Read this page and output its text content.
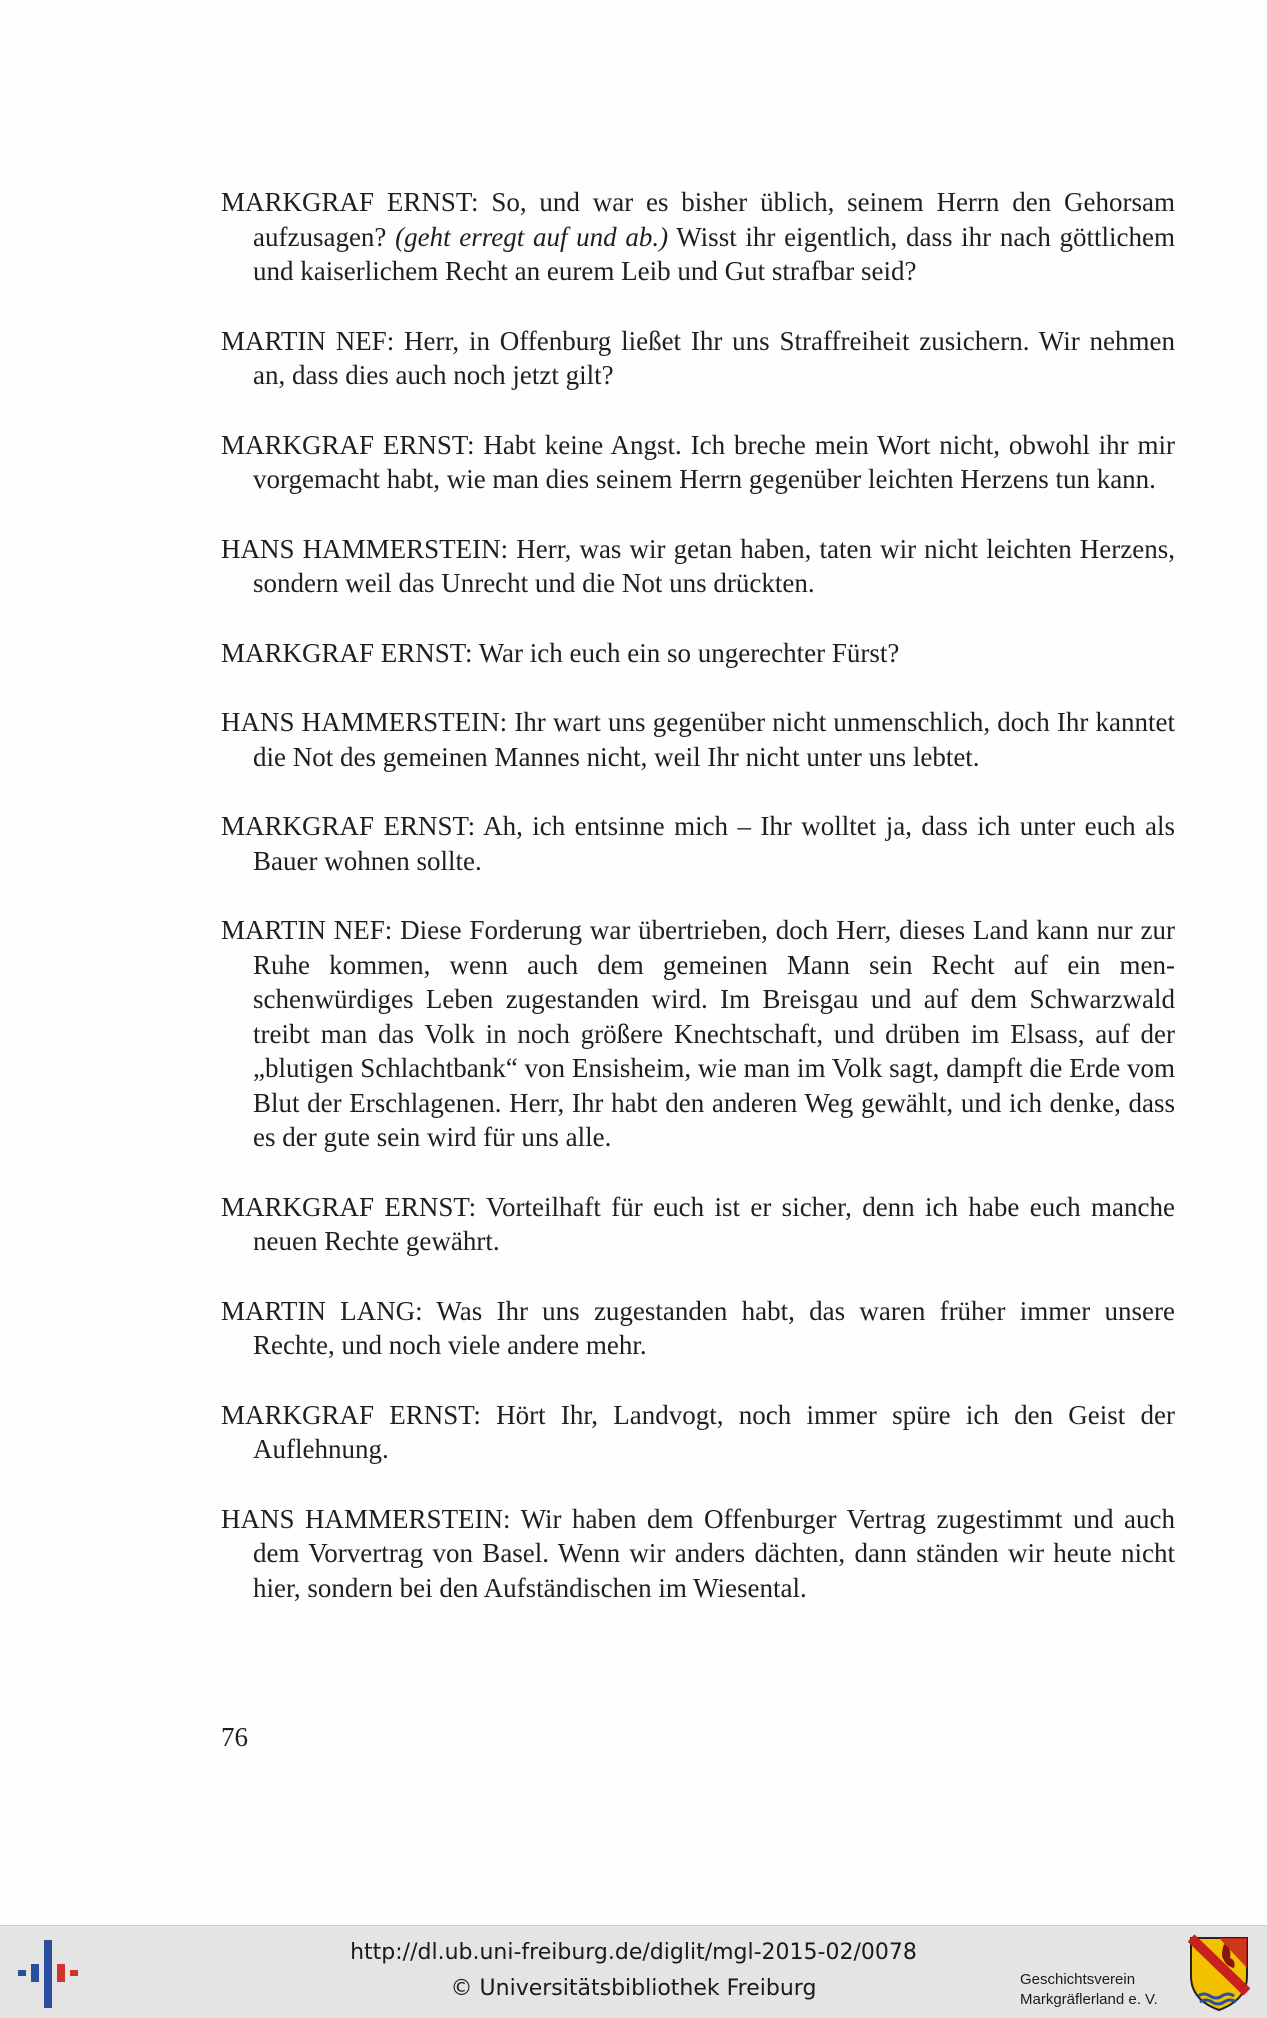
MARKGRAF ERNST: So, und war es bisher üblich, seinem Herrn den Gehorsam aufzusagen? (geht erregt auf und ab.) Wisst ihr eigentlich, dass ihr nach göttlichem und kaiserlichem Recht an eurem Leib und Gut strafbar seid?

MARTIN NEF: Herr, in Offenburg ließet Ihr uns Straffreiheit zusichern. Wir nehmen an, dass dies auch noch jetzt gilt?

MARKGRAF ERNST: Habt keine Angst. Ich breche mein Wort nicht, obwohl ihr mir vorgemacht habt, wie man dies seinem Herrn gegenüber leichten Herzens tun kann.

HANS HAMMERSTEIN: Herr, was wir getan haben, taten wir nicht leichten Herzens, sondern weil das Unrecht und die Not uns drückten.

MARKGRAF ERNST: War ich euch ein so ungerechter Fürst?

HANS HAMMERSTEIN: Ihr wart uns gegenüber nicht unmenschlich, doch Ihr kanntet die Not des gemeinen Mannes nicht, weil Ihr nicht unter uns lebtet.

MARKGRAF ERNST: Ah, ich entsinne mich – Ihr wolltet ja, dass ich unter euch als Bauer wohnen sollte.

MARTIN NEF: Diese Forderung war übertrieben, doch Herr, dieses Land kann nur zur Ruhe kommen, wenn auch dem gemeinen Mann sein Recht auf ein menschenwürdiges Leben zugestanden wird. Im Breisgau und auf dem Schwarzwald treibt man das Volk in noch größere Knechtschaft, und drüben im Elsass, auf der „blutigen Schlachtbank“ von Ensisheim, wie man im Volk sagt, dampft die Erde vom Blut der Erschlagenen. Herr, Ihr habt den anderen Weg gewählt, und ich denke, dass es der gute sein wird für uns alle.

MARKGRAF ERNST: Vorteilhaft für euch ist er sicher, denn ich habe euch manche neuen Rechte gewährt.

MARTIN LANG: Was Ihr uns zugestanden habt, das waren früher immer unsere Rechte, und noch viele andere mehr.

MARKGRAF ERNST: Hört Ihr, Landvogt, noch immer spüre ich den Geist der Auflehnung.

HANS HAMMERSTEIN: Wir haben dem Offenburger Vertrag zugestimmt und auch dem Vorvertrag von Basel. Wenn wir anders dächten, dann ständen wir heute nicht hier, sondern bei den Aufständischen im Wiesental.

76
http://dl.ub.uni-freiburg.de/diglit/mgl-2015-02/0078
© Universitätsbibliothek Freiburg	Geschichtsverein
Markgräflerland e. V.
